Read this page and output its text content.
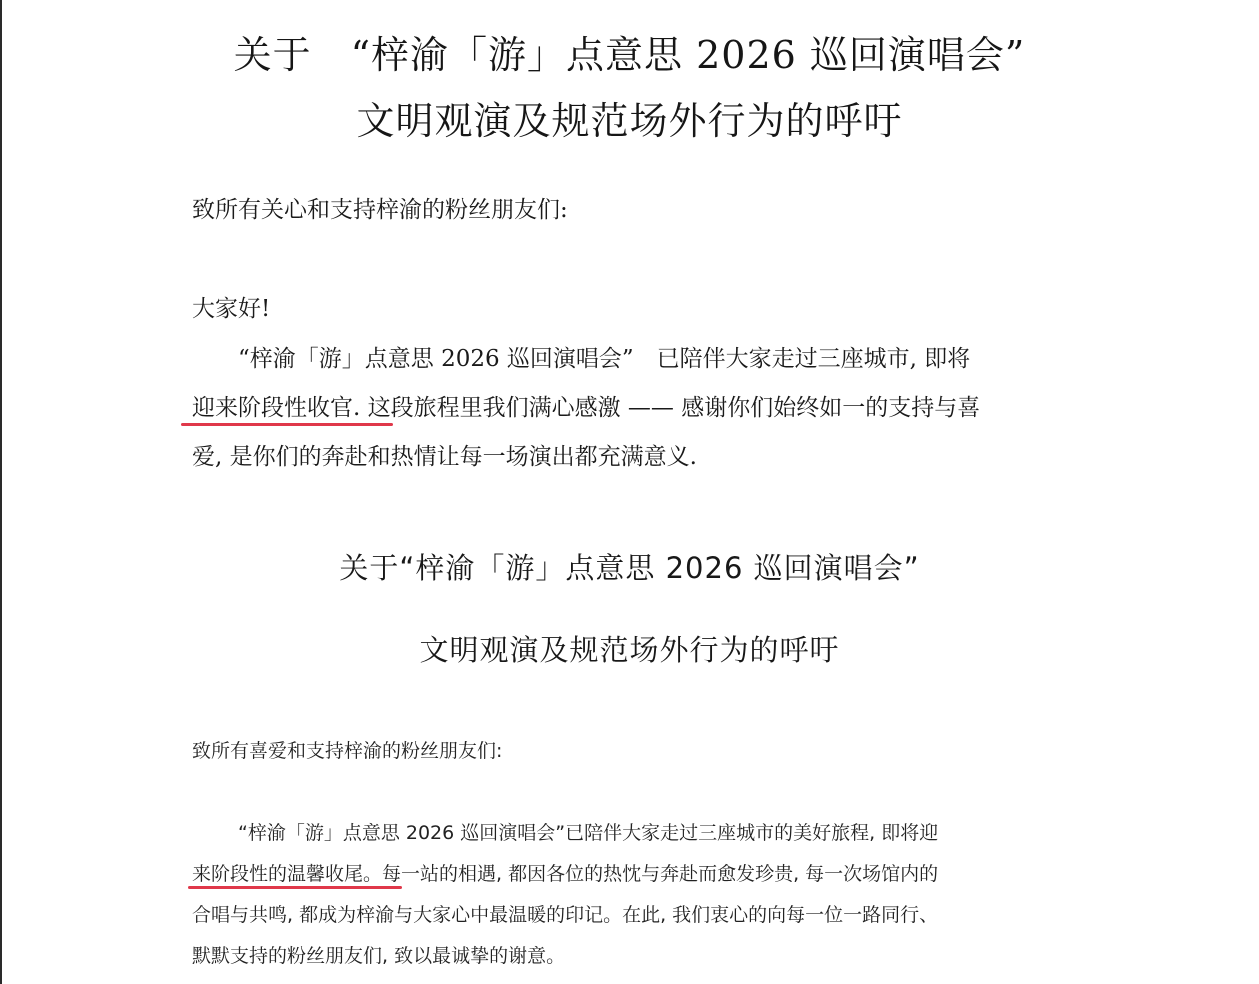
关于　“梓渝「游」点意思 2026 巡回演唱会”

文明观演及规范场外行为的呼吁

致所有关心和支持梓渝的粉丝朋友们:

大家好!

“梓渝「游」点意思 2026 巡回演唱会”　已陪伴大家走过三座城市, 即将

迎来阶段性收官. 这段旅程里我们满心感激 —— 感谢你们始终如一的支持与喜

爱, 是你们的奔赴和热情让每一场演出都充满意义.

关于“梓渝「游」点意思 2026 巡回演唱会”

文明观演及规范场外行为的呼吁

致所有喜爱和支持梓渝的粉丝朋友们:

“梓渝「游」点意思 2026 巡回演唱会”已陪伴大家走过三座城市的美好旅程, 即将迎

来阶段性的温馨收尾。每一站的相遇, 都因各位的热忱与奔赴而愈发珍贵, 每一次场馆内的

合唱与共鸣, 都成为梓渝与大家心中最温暖的印记。在此, 我们衷心的向每一位一路同行、

默默支持的粉丝朋友们, 致以最诚挚的谢意。
